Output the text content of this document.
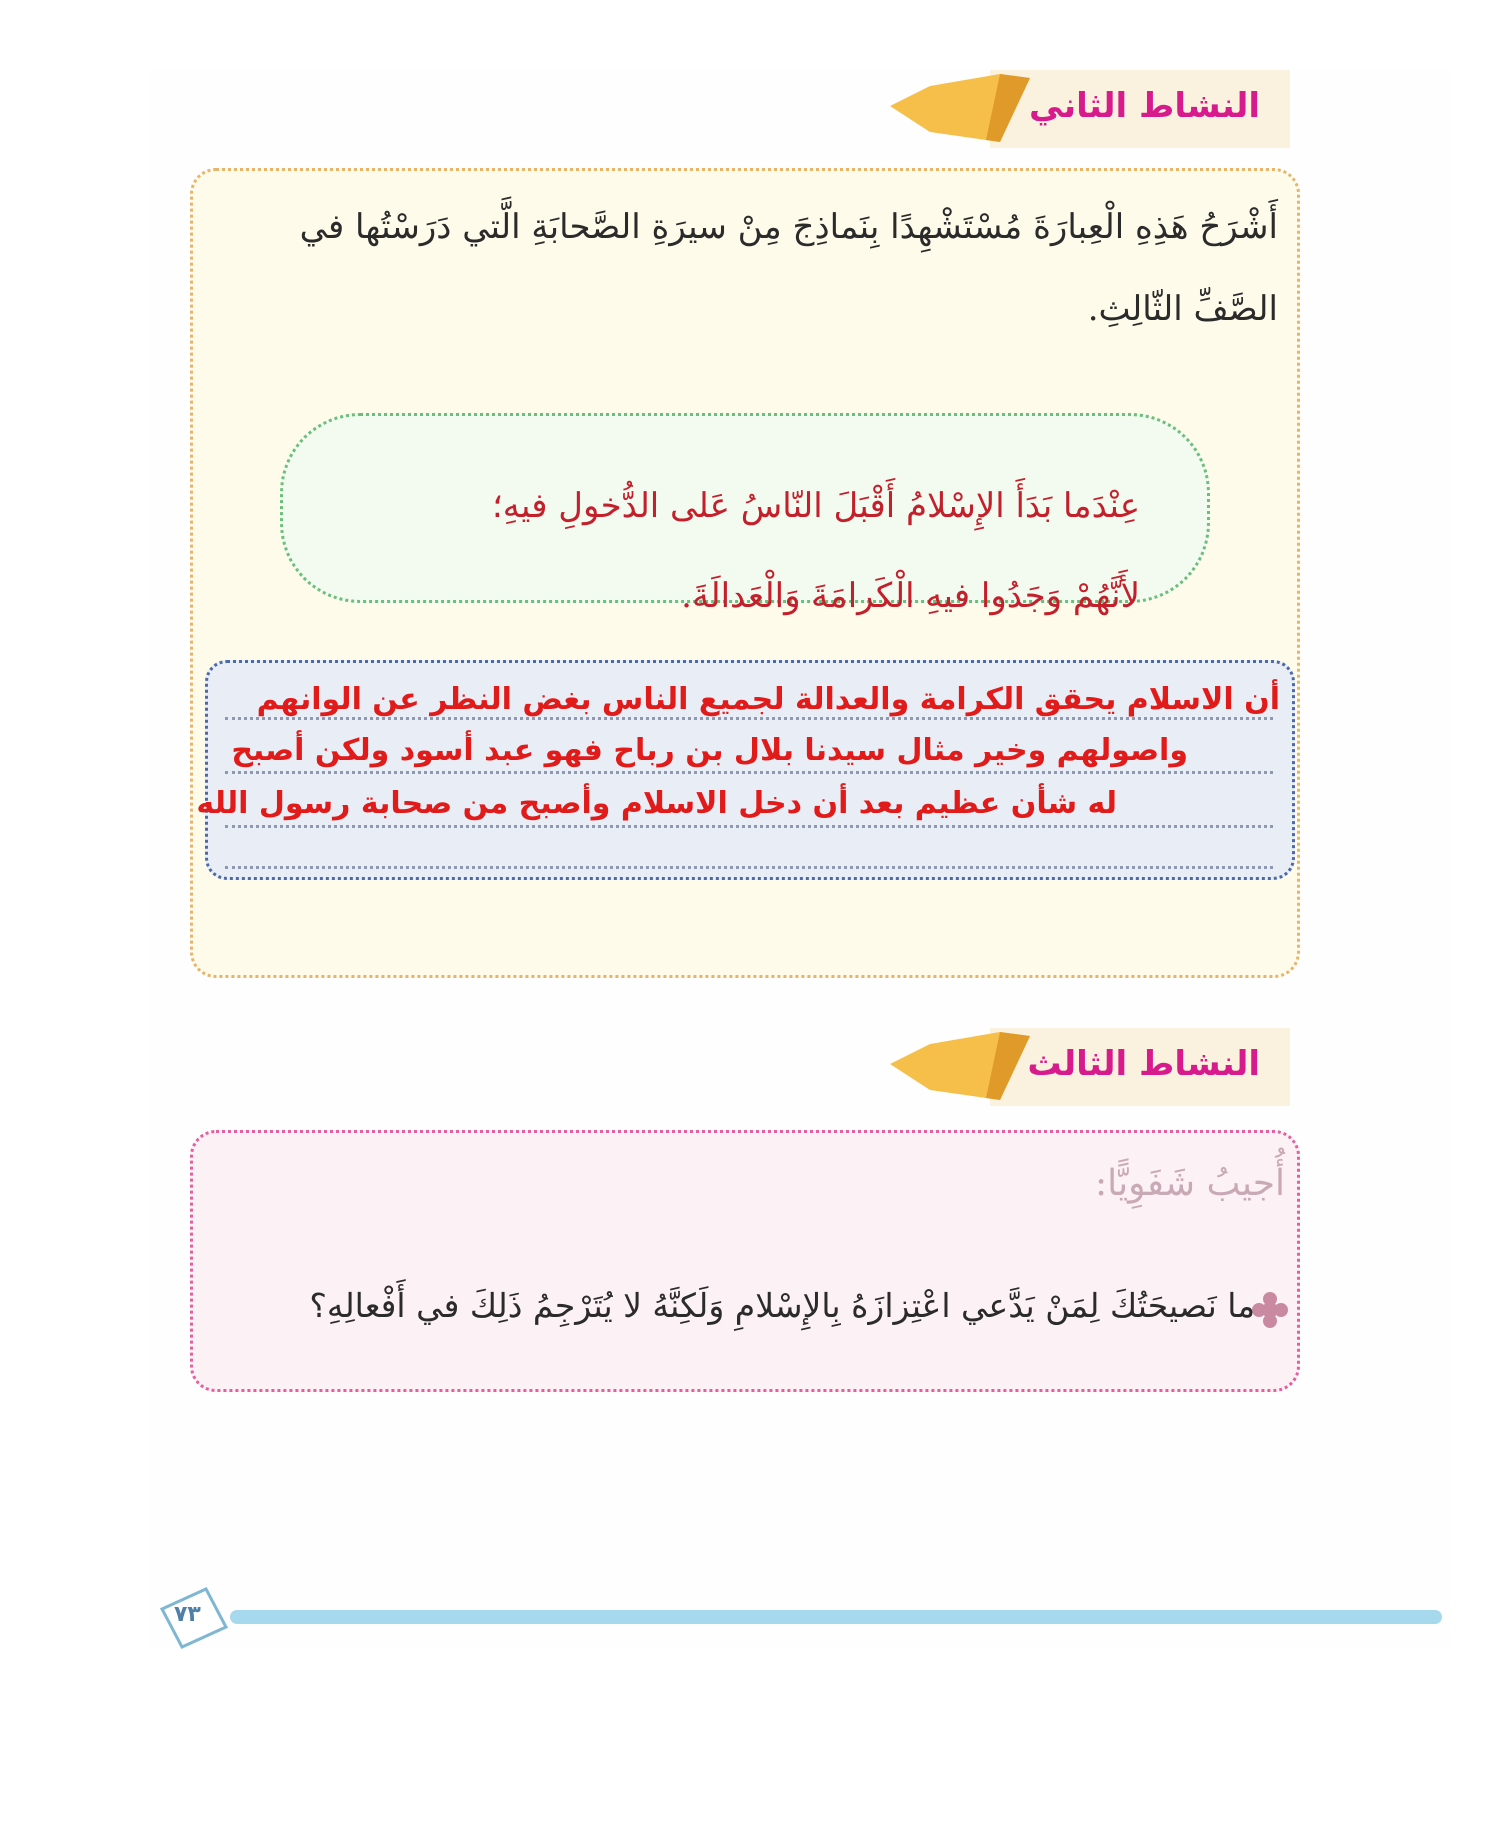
النشاط الثاني
أَشْرَحُ هَذِهِ الْعِبارَةَ مُسْتَشْهِدًا بِنَماذِجَ مِنْ سيرَةِ الصَّحابَةِ الَّتي دَرَسْتُها في الصَّفِّ الثّالِثِ.
عِنْدَما بَدَأَ الإِسْلامُ أَقْبَلَ النّاسُ عَلى الدُّخولِ فيهِ؛ لأَنَّهُمْ وَجَدُوا فيهِ الْكَرامَةَ وَالْعَدالَةَ.
أن الاسلام يحقق الكرامة والعدالة لجميع الناس بغض النظر عن الوانهم
واصولهم وخير مثال سيدنا بلال بن رباح فهو عبد أسود ولكن أصبح
له شأن عظيم بعد أن دخل الاسلام وأصبح من صحابة رسول الله
النشاط الثالث
أُجيبُ شَفَوِيًّا:
ما نَصيحَتُكَ لِمَنْ يَدَّعي اعْتِزازَهُ بِالإِسْلامِ وَلَكِنَّهُ لا يُتَرْجِمُ ذَلِكَ في أَفْعالِهِ؟
٧٣
